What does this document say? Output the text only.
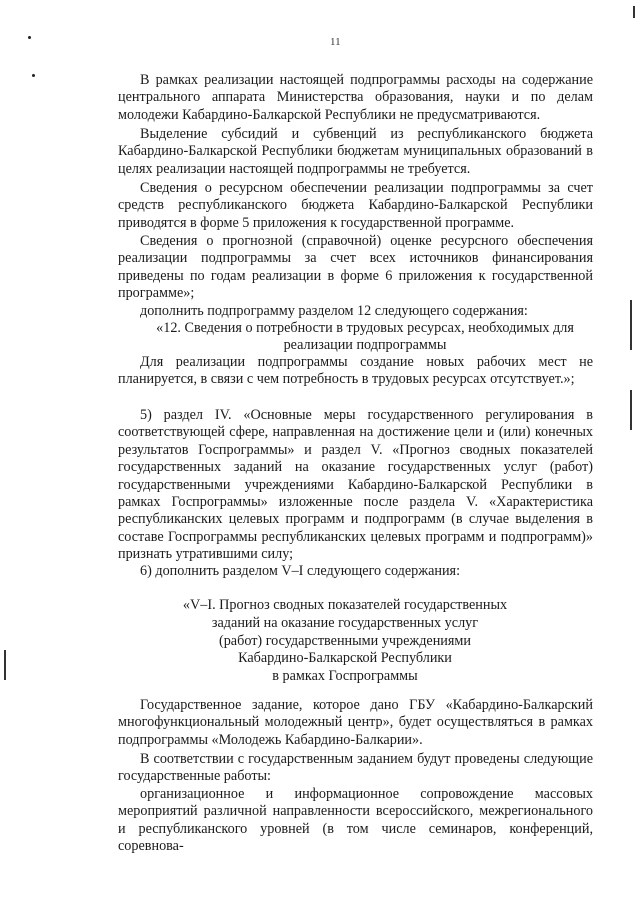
11

В рамках реализации настоящей подпрограммы расходы на содержание центрального аппарата Министерства образования, науки и по делам молодежи Кабардино-Балкарской Республики не предусматриваются.

Выделение субсидий и субвенций из республиканского бюджета Кабардино-Балкарской Республики бюджетам муниципальных образований в целях реализации настоящей подпрограммы не требуется.

Сведения о ресурсном обеспечении реализации подпрограммы за счет средств республиканского бюджета Кабардино-Балкарской Республики приводятся в форме 5 приложения к государственной программе.

Сведения о прогнозной (справочной) оценке ресурсного обеспечения реализации подпрограммы за счет всех источников финансирования приведены по годам реализации в форме 6 приложения к государственной программе»;

дополнить подпрограмму разделом 12 следующего содержания:

«12. Сведения о потребности в трудовых ресурсах, необходимых для реализации подпрограммы

Для реализации подпрограммы создание новых рабочих мест не планируется, в связи с чем потребность в трудовых ресурсах отсутствует.»;

5) раздел IV. «Основные меры государственного регулирования в соответствующей сфере, направленная на достижение цели и (или) конечных результатов Госпрограммы» и раздел V. «Прогноз сводных показателей государственных заданий на оказание государственных услуг (работ) государственными учреждениями Кабардино-Балкарской Республики в рамках Госпрограммы» изложенные после раздела V. «Характеристика республиканских целевых программ и подпрограмм (в случае выделения в составе Госпрограммы республиканских целевых программ и подпрограмм)» признать утратившими силу;

6) дополнить разделом V–I следующего содержания:

«V–I. Прогноз сводных показателей государственных
заданий на оказание государственных услуг
(работ) государственными учреждениями
Кабардино-Балкарской Республики
в рамках Госпрограммы

Государственное задание, которое дано ГБУ «Кабардино-Балкарский многофункциональный молодежный центр», будет осуществляться в рамках подпрограммы «Молодежь Кабардино-Балкарии».

В соответствии с государственным заданием будут проведены следующие государственные работы:

организационное и информационное сопровождение массовых мероприятий различной направленности всероссийского, межрегионального и республиканского уровней (в том числе семинаров, конференций, соревнова-
